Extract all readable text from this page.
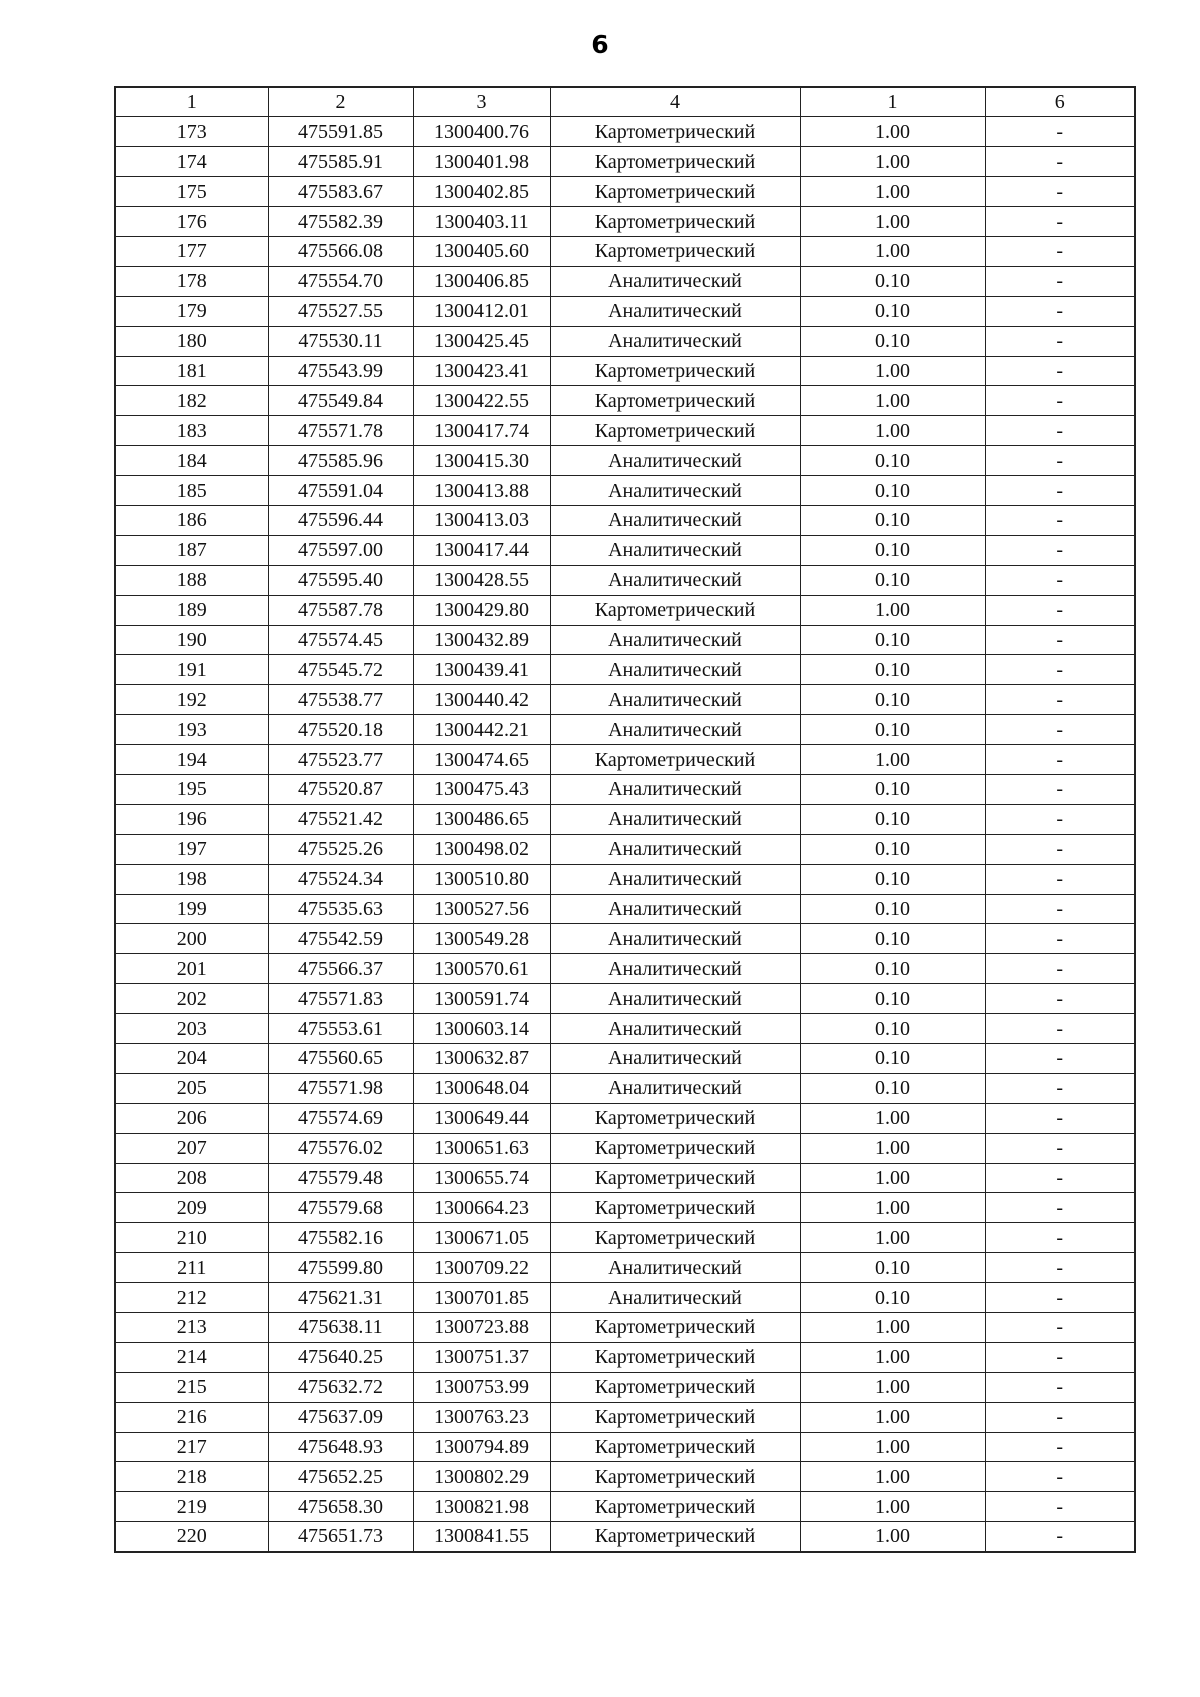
6
1	2	3	4	1	6
173	475591.85	1300400.76	Картометрический	1.00	-
174	475585.91	1300401.98	Картометрический	1.00	-
175	475583.67	1300402.85	Картометрический	1.00	-
176	475582.39	1300403.11	Картометрический	1.00	-
177	475566.08	1300405.60	Картометрический	1.00	-
178	475554.70	1300406.85	Аналитический	0.10	-
179	475527.55	1300412.01	Аналитический	0.10	-
180	475530.11	1300425.45	Аналитический	0.10	-
181	475543.99	1300423.41	Картометрический	1.00	-
182	475549.84	1300422.55	Картометрический	1.00	-
183	475571.78	1300417.74	Картометрический	1.00	-
184	475585.96	1300415.30	Аналитический	0.10	-
185	475591.04	1300413.88	Аналитический	0.10	-
186	475596.44	1300413.03	Аналитический	0.10	-
187	475597.00	1300417.44	Аналитический	0.10	-
188	475595.40	1300428.55	Аналитический	0.10	-
189	475587.78	1300429.80	Картометрический	1.00	-
190	475574.45	1300432.89	Аналитический	0.10	-
191	475545.72	1300439.41	Аналитический	0.10	-
192	475538.77	1300440.42	Аналитический	0.10	-
193	475520.18	1300442.21	Аналитический	0.10	-
194	475523.77	1300474.65	Картометрический	1.00	-
195	475520.87	1300475.43	Аналитический	0.10	-
196	475521.42	1300486.65	Аналитический	0.10	-
197	475525.26	1300498.02	Аналитический	0.10	-
198	475524.34	1300510.80	Аналитический	0.10	-
199	475535.63	1300527.56	Аналитический	0.10	-
200	475542.59	1300549.28	Аналитический	0.10	-
201	475566.37	1300570.61	Аналитический	0.10	-
202	475571.83	1300591.74	Аналитический	0.10	-
203	475553.61	1300603.14	Аналитический	0.10	-
204	475560.65	1300632.87	Аналитический	0.10	-
205	475571.98	1300648.04	Аналитический	0.10	-
206	475574.69	1300649.44	Картометрический	1.00	-
207	475576.02	1300651.63	Картометрический	1.00	-
208	475579.48	1300655.74	Картометрический	1.00	-
209	475579.68	1300664.23	Картометрический	1.00	-
210	475582.16	1300671.05	Картометрический	1.00	-
211	475599.80	1300709.22	Аналитический	0.10	-
212	475621.31	1300701.85	Аналитический	0.10	-
213	475638.11	1300723.88	Картометрический	1.00	-
214	475640.25	1300751.37	Картометрический	1.00	-
215	475632.72	1300753.99	Картометрический	1.00	-
216	475637.09	1300763.23	Картометрический	1.00	-
217	475648.93	1300794.89	Картометрический	1.00	-
218	475652.25	1300802.29	Картометрический	1.00	-
219	475658.30	1300821.98	Картометрический	1.00	-
220	475651.73	1300841.55	Картометрический	1.00	-
